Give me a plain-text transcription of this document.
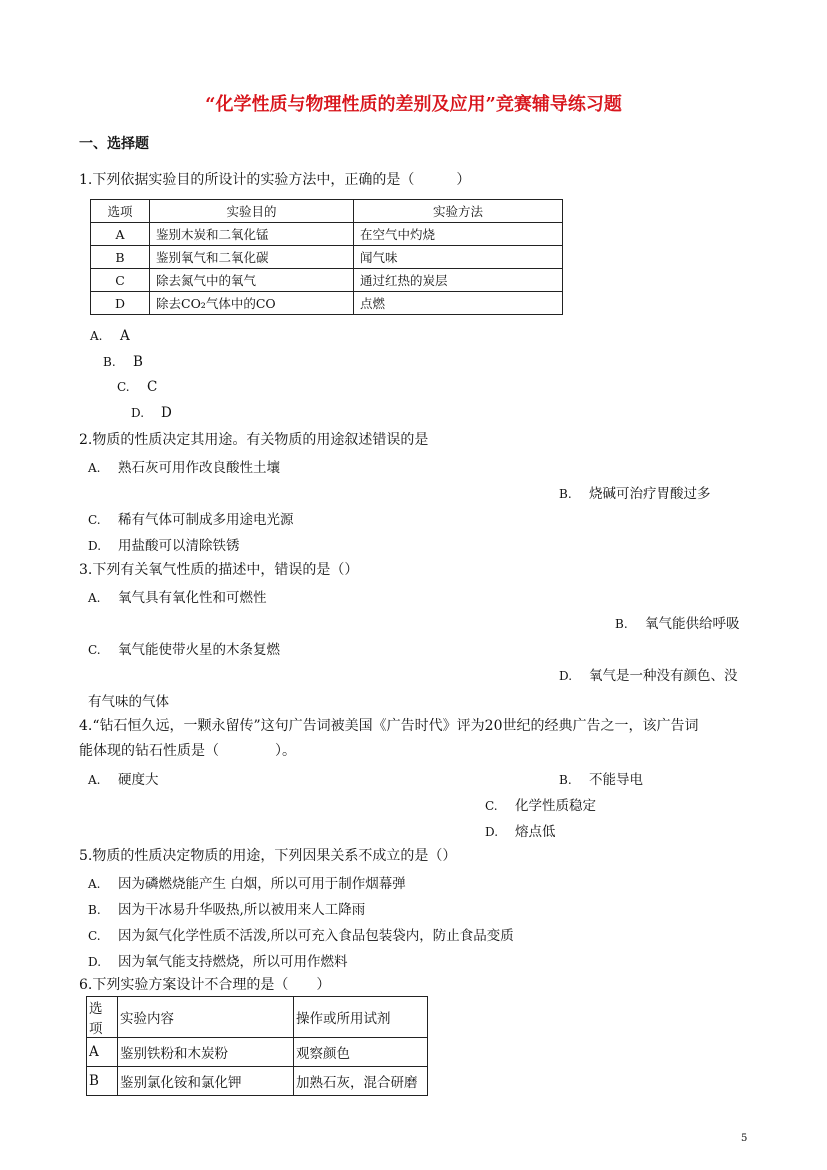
“化学性质与物理性质的差别及应用”竞赛辅导练习题
一、选择题
1.下列依据实验目的所设计的实验方法中，正确的是（　　　）
选项	实验目的	实验方法
A	鉴别木炭和二氧化锰	在空气中灼烧
B	鉴别氧气和二氧化碳	闻气味
C	除去氮气中的氧气	通过红热的炭层
D	除去CO₂气体中的CO	点燃
A. A
B. B
C. C
D. D
2.物质的性质决定其用途。有关物质的用途叙述错误的是
A. 熟石灰可用作改良酸性土壤
B. 烧碱可治疗胃酸过多
C. 稀有气体可制成多用途电光源
D. 用盐酸可以清除铁锈
3.下列有关氧气性质的描述中，错误的是（）
A. 氧气具有氧化性和可燃性
B. 氧气能供给呼吸
C. 氧气能使带火星的木条复燃
D. 氧气是一种没有颜色、没
有气味的气体
4.“钻石恒久远，一颗永留传”这句广告词被美国《广告时代》评为20世纪的经典广告之一，该广告词
能体现的钻石性质是（　　　　）。
A. 硬度大	B. 不能导电
C. 化学性质稳定
D. 熔点低
5.物质的性质决定物质的用途，下列因果关系不成立的是（）
A. 因为磷燃烧能产生 白烟，所以可用于制作烟幕弹
B. 因为干冰易升华吸热,所以被用来人工降雨
C. 因为氮气化学性质不活泼,所以可充入食品包装袋内，防止食品变质
D. 因为氧气能支持燃烧，所以可用作燃料
6.下列实验方案设计不合理的是（　　）
选项	实验内容	操作或所用试剂
A	鉴别铁粉和木炭粉	观察颜色
B	鉴别氯化铵和氯化钾	加熟石灰，混合研磨
5
